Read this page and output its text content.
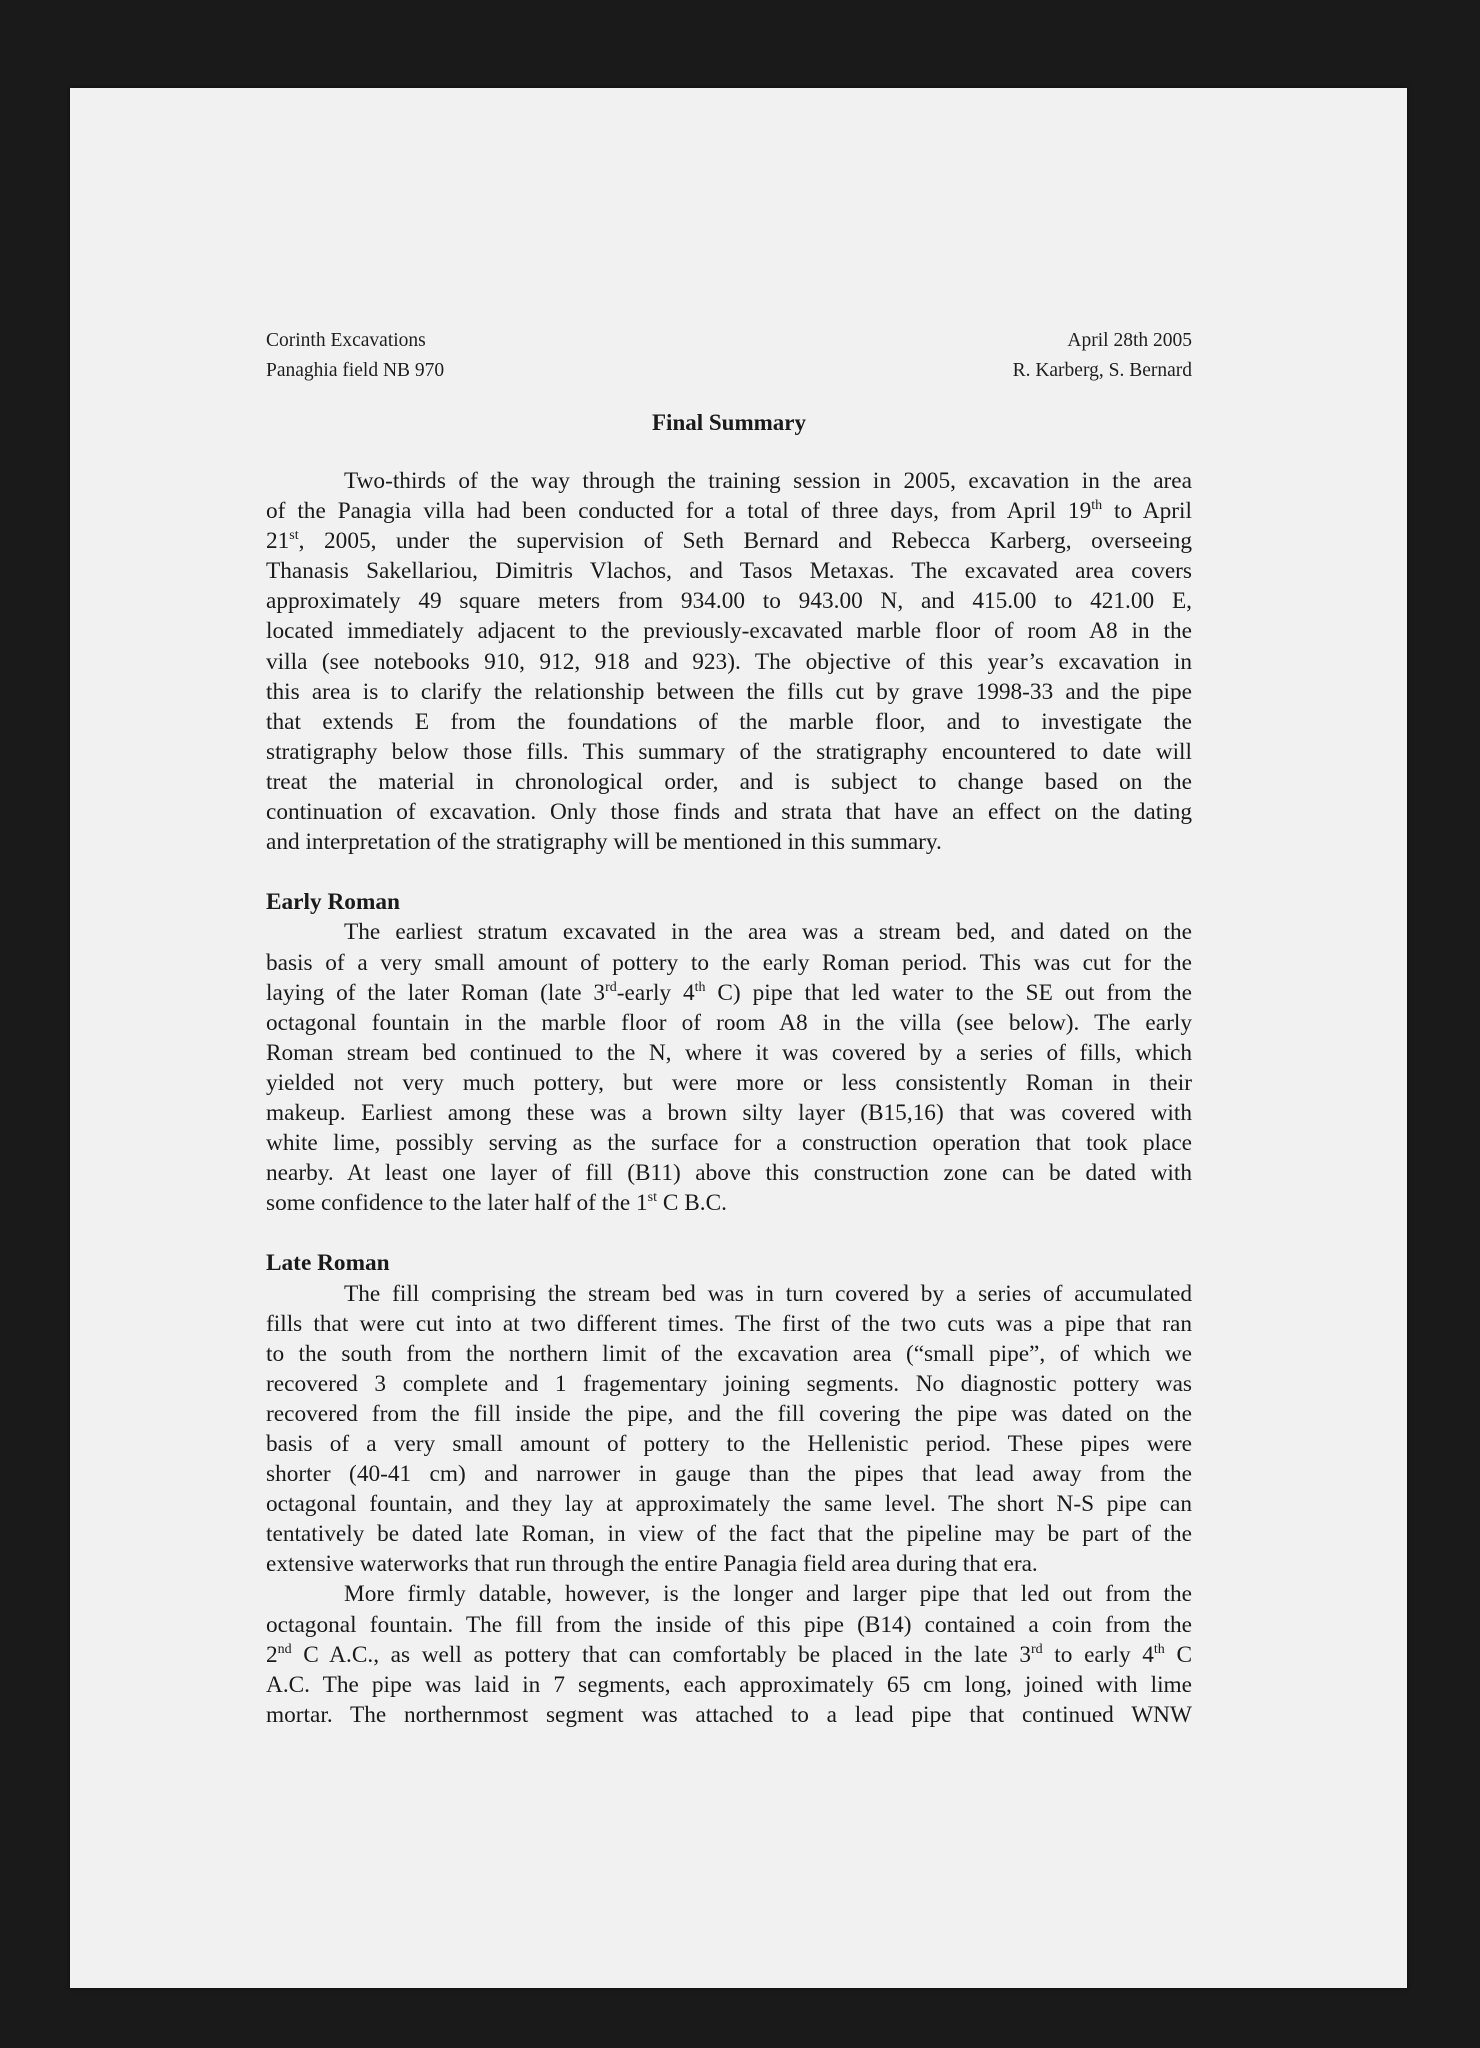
Corinth Excavations
Panaghia field NB 970
April 28th 2005
R. Karberg, S. Bernard
Final Summary
Two-thirds of the way through the training session in 2005, excavation in the area
of the Panagia villa had been conducted for a total of three days, from April 19th to April
21st, 2005, under the supervision of Seth Bernard and Rebecca Karberg, overseeing
Thanasis Sakellariou, Dimitris Vlachos, and Tasos Metaxas. The excavated area covers
approximately 49 square meters from 934.00 to 943.00 N, and 415.00 to 421.00 E,
located immediately adjacent to the previously-excavated marble floor of room A8 in the
villa (see notebooks 910, 912, 918 and 923). The objective of this year’s excavation in
this area is to clarify the relationship between the fills cut by grave 1998-33 and the pipe
that extends E from the foundations of the marble floor, and to investigate the
stratigraphy below those fills. This summary of the stratigraphy encountered to date will
treat the material in chronological order, and is subject to change based on the
continuation of excavation. Only those finds and strata that have an effect on the dating
and interpretation of the stratigraphy will be mentioned in this summary.
Early Roman
The earliest stratum excavated in the area was a stream bed, and dated on the
basis of a very small amount of pottery to the early Roman period. This was cut for the
laying of the later Roman (late 3rd-early 4th C) pipe that led water to the SE out from the
octagonal fountain in the marble floor of room A8 in the villa (see below). The early
Roman stream bed continued to the N, where it was covered by a series of fills, which
yielded not very much pottery, but were more or less consistently Roman in their
makeup. Earliest among these was a brown silty layer (B15,16) that was covered with
white lime, possibly serving as the surface for a construction operation that took place
nearby. At least one layer of fill (B11) above this construction zone can be dated with
some confidence to the later half of the 1st C B.C.
Late Roman
The fill comprising the stream bed was in turn covered by a series of accumulated
fills that were cut into at two different times. The first of the two cuts was a pipe that ran
to the south from the northern limit of the excavation area (“small pipe”, of which we
recovered 3 complete and 1 fragementary joining segments. No diagnostic pottery was
recovered from the fill inside the pipe, and the fill covering the pipe was dated on the
basis of a very small amount of pottery to the Hellenistic period. These pipes were
shorter (40-41 cm) and narrower in gauge than the pipes that lead away from the
octagonal fountain, and they lay at approximately the same level. The short N-S pipe can
tentatively be dated late Roman, in view of the fact that the pipeline may be part of the
extensive waterworks that run through the entire Panagia field area during that era.
More firmly datable, however, is the longer and larger pipe that led out from the
octagonal fountain. The fill from the inside of this pipe (B14) contained a coin from the
2nd C A.C., as well as pottery that can comfortably be placed in the late 3rd to early 4th C
A.C. The pipe was laid in 7 segments, each approximately 65 cm long, joined with lime
mortar. The northernmost segment was attached to a lead pipe that continued WNW
